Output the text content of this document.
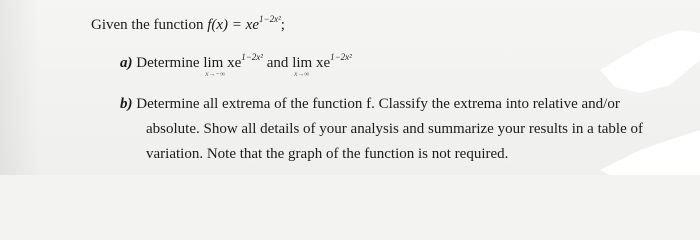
Given the function $f(x) = xe^{1-2x^2}$;
a) Determine $\lim xe^{1-2x^2}$
x→−∞
and $\lim xe^{1-2x^2}$
x→∞
b) Determine all extrema of the function f. Classify the extrema into relative and/or
absolute. Show all details of your analysis and summarize your results in a table of
variation. Note that the graph of the function is not required.
